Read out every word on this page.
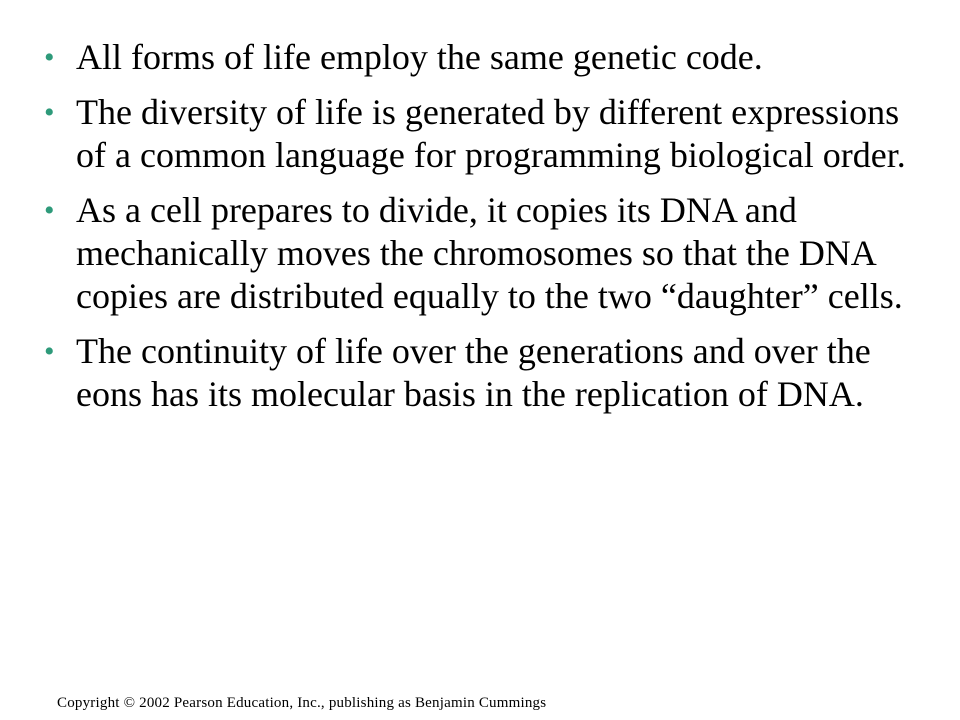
• All forms of life employ the same genetic code.
• The diversity of life is generated by different expressions of a common language for programming biological order.
• As a cell prepares to divide, it copies its DNA and mechanically moves the chromosomes so that the DNA copies are distributed equally to the two “daughter” cells.
• The continuity of life over the generations and over the eons has its molecular basis in the replication of DNA.
Copyright © 2002 Pearson Education, Inc., publishing as Benjamin Cummings
